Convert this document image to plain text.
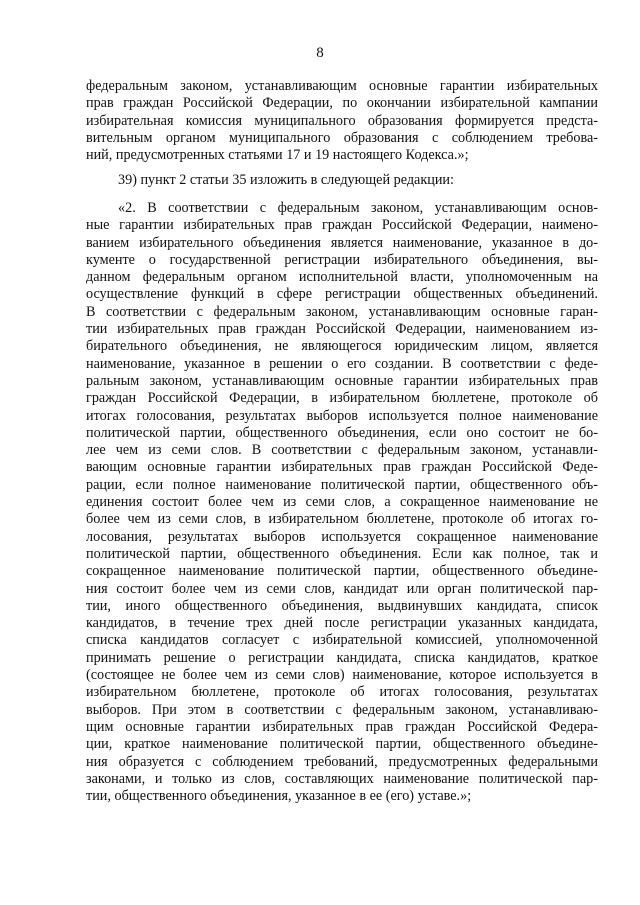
8
федеральным законом, устанавливающим основные гарантии избирательных
прав граждан Российской Федерации, по окончании избирательной кампании
избирательная комиссия муниципального образования формируется предста-
вительным органом муниципального образования с соблюдением требова-
ний, предусмотренных статьями 17 и 19 настоящего Кодекса.»;
39) пункт 2 статьи 35 изложить в следующей редакции:
«2. В соответствии с федеральным законом, устанавливающим основ-
ные гарантии избирательных прав граждан Российской Федерации, наимено-
ванием избирательного объединения является наименование, указанное в до-
кументе о государственной регистрации избирательного объединения, вы-
данном федеральным органом исполнительной власти, уполномоченным на
осуществление функций в сфере регистрации общественных объединений.
В соответствии с федеральным законом, устанавливающим основные гаран-
тии избирательных прав граждан Российской Федерации, наименованием из-
бирательного объединения, не являющегося юридическим лицом, является
наименование, указанное в решении о его создании. В соответствии с феде-
ральным законом, устанавливающим основные гарантии избирательных прав
граждан Российской Федерации, в избирательном бюллетене, протоколе об
итогах голосования, результатах выборов используется полное наименование
политической партии, общественного объединения, если оно состоит не бо-
лее чем из семи слов. В соответствии с федеральным законом, устанавли-
вающим основные гарантии избирательных прав граждан Российской Феде-
рации, если полное наименование политической партии, общественного объ-
единения состоит более чем из семи слов, а сокращенное наименование не
более чем из семи слов, в избирательном бюллетене, протоколе об итогах го-
лосования, результатах выборов используется сокращенное наименование
политической партии, общественного объединения. Если как полное, так и
сокращенное наименование политической партии, общественного объедине-
ния состоит более чем из семи слов, кандидат или орган политической пар-
тии, иного общественного объединения, выдвинувших кандидата, список
кандидатов, в течение трех дней после регистрации указанных кандидата,
списка кандидатов согласует с избирательной комиссией, уполномоченной
принимать решение о регистрации кандидата, списка кандидатов, краткое
(состоящее не более чем из семи слов) наименование, которое используется в
избирательном бюллетене, протоколе об итогах голосования, результатах
выборов. При этом в соответствии с федеральным законом, устанавливаю-
щим основные гарантии избирательных прав граждан Российской Федера-
ции, краткое наименование политической партии, общественного объедине-
ния образуется с соблюдением требований, предусмотренных федеральными
законами, и только из слов, составляющих наименование политической пар-
тии, общественного объединения, указанное в ее (его) уставе.»;
